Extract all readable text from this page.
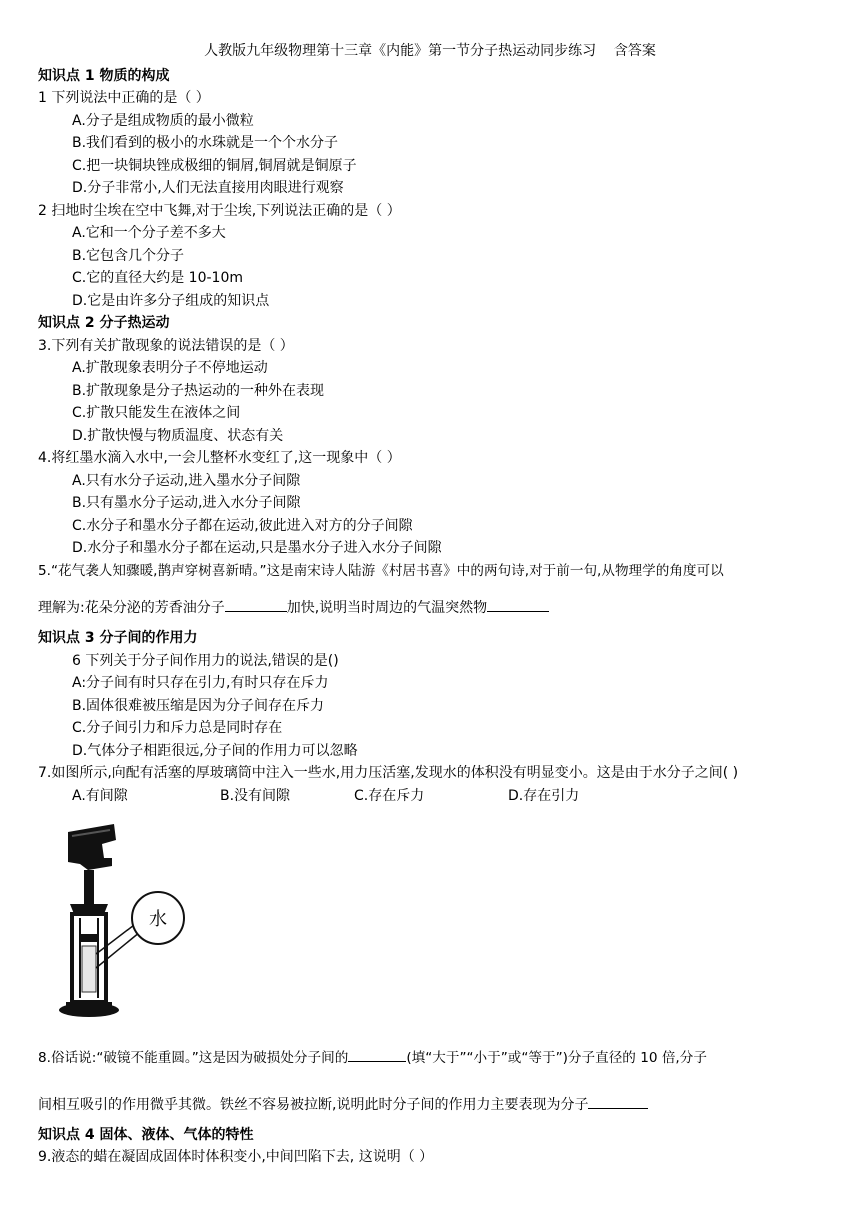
人教版九年级物理第十三章《内能》第一节分子热运动同步练习    含答案
知识点 1 物质的构成
1 下列说法中正确的是（ ）
A.分子是组成物质的最小微粒
B.我们看到的极小的水珠就是一个个水分子
C.把一块铜块锉成极细的铜屑,铜屑就是铜原子
D.分子非常小,人们无法直接用肉眼进行观察
2 扫地时尘埃在空中飞舞,对于尘埃,下列说法正确的是（ ）
A.它和一个分子差不多大
B.它包含几个分子
C.它的直径大约是 10-10m
D.它是由许多分子组成的知识点
知识点 2 分子热运动
3.下列有关扩散现象的说法错误的是（ ）
A.扩散现象表明分子不停地运动
B.扩散现象是分子热运动的一种外在表现
C.扩散只能发生在液体之间
D.扩散快慢与物质温度、状态有关
4.将红墨水滴入水中,一会儿整杯水变红了,这一现象中（ ）
A.只有水分子运动,进入墨水分子间隙
B.只有墨水分子运动,进入水分子间隙
C.水分子和墨水分子都在运动,彼此进入对方的分子间隙
D.水分子和墨水分子都在运动,只是墨水分子进入水分子间隙
5.“花气袭人知骤暖,鹊声穿树喜新晴。”这是南宋诗人陆游《村居书喜》中的两句诗,对于前一句,从物理学的角度可以
理解为:花朵分泌的芳香油分子	加快,说明当时周边的气温突然物
知识点 3 分子间的作用力
6 下列关于分子间作用力的说法,错误的是()
A:分子间有时只存在引力,有时只存在斥力
B.固体很难被压缩是因为分子间存在斥力
C.分子间引力和斥力总是同时存在
D.气体分子相距很远,分子间的作用力可以忽略
7.如图所示,向配有活塞的厚玻璃筒中注入一些水,用力压活塞,发现水的体积没有明显变小。这是由于水分子之间( )
A.有间隙	B.没有间隙	C.存在斥力	D.存在引力
水
8.俗话说:“破镜不能重圆。”这是因为破损处分子间的	(填“大于”“小于”或“等于”)分子直径的 10 倍,分子
间相互吸引的作用微乎其微。铁丝不容易被拉断,说明此时分子间的作用力主要表现为分子
知识点 4 固体、液体、气体的特性
9.液态的蜡在凝固成固体时体积变小,中间凹陷下去, 这说明（ ）
